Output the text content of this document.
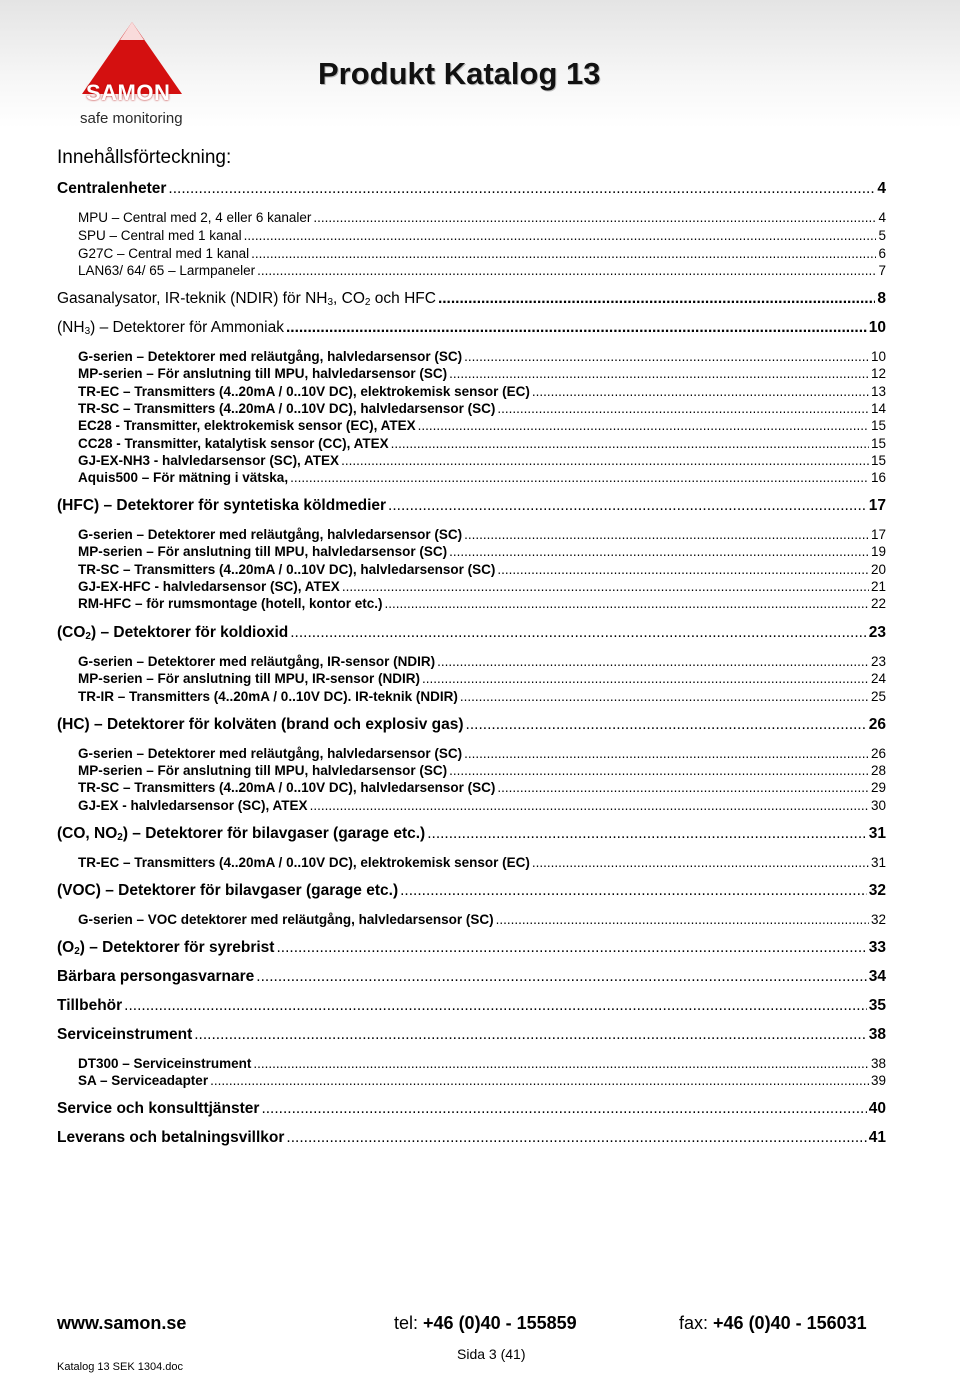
SAMON
safe monitoring
Produkt Katalog 13
Innehållsförteckning:
Centralenheter .....	4
MPU – Central med 2, 4 eller 6 kanaler .....	4
SPU – Central med 1 kanal .....	5
G27C – Central med 1 kanal .....	6
LAN63/ 64/ 65 – Larmpaneler .....	7
Gasanalysator, IR-teknik (NDIR) för $NH_3$, $CO_2$ och HFC .....	8
$(NH_3)$ – Detektorer för Ammoniak .....	10
G-serien – Detektorer med reläutgång, halvledarsensor (SC) .....	10
MP-serien – För anslutning till MPU, halvledarsensor (SC) .....	12
TR-EC – Transmitters (4..20mA / 0..10V DC), elektrokemisk sensor (EC) .....	13
TR-SC – Transmitters (4..20mA / 0..10V DC), halvledarsensor (SC) .....	14
EC28 - Transmitter, elektrokemisk sensor (EC), ATEX .....	15
CC28 - Transmitter, katalytisk sensor (CC), ATEX .....	15
GJ-EX-NH3 - halvledarsensor (SC), ATEX .....	15
Aquis500 – För mätning i vätska, .....	16
(HFC) – Detektorer för syntetiska köldmedier .....	17
G-serien – Detektorer med reläutgång, halvledarsensor (SC) .....	17
MP-serien – För anslutning till MPU, halvledarsensor (SC) .....	19
TR-SC – Transmitters (4..20mA / 0..10V DC), halvledarsensor (SC) .....	20
GJ-EX-HFC - halvledarsensor (SC), ATEX .....	21
RM-HFC – för rumsmontage (hotell, kontor etc.) .....	22
$(CO_2)$ – Detektorer för koldioxid .....	23
G-serien – Detektorer med reläutgång, IR-sensor (NDIR) .....	23
MP-serien – För anslutning till MPU, IR-sensor (NDIR) .....	24
TR-IR – Transmitters (4..20mA / 0..10V DC). IR-teknik (NDIR) .....	25
(HC) – Detektorer för kolväten (brand och explosiv gas) .....	26
G-serien – Detektorer med reläutgång, halvledarsensor (SC) .....	26
MP-serien – För anslutning till MPU, halvledarsensor (SC) .....	28
TR-SC – Transmitters (4..20mA / 0..10V DC), halvledarsensor (SC) .....	29
GJ-EX - halvledarsensor (SC), ATEX .....	30
(CO, $NO_2$) – Detektorer för bilavgaser (garage etc.) .....	31
TR-EC – Transmitters (4..20mA / 0..10V DC), elektrokemisk sensor (EC) .....	31
(VOC) – Detektorer för bilavgaser (garage etc.) .....	32
G-serien – VOC detektorer med reläutgång, halvledarsensor (SC) .....	32
$(O_2)$ – Detektorer för syrebrist .....	33
Bärbara persongasvarnare .....	34
Tillbehör .....	35
Serviceinstrument .....	38
DT300 – Serviceinstrument .....	38
SA – Serviceadapter .....	39
Service och konsulttjänster .....	40
Leverans och betalningsvillkor .....	41
www.samon.se	tel: +46 (0)40 - 155859	fax: +46 (0)40 - 156031
Sida 3 (41)
Katalog 13 SEK 1304.doc
